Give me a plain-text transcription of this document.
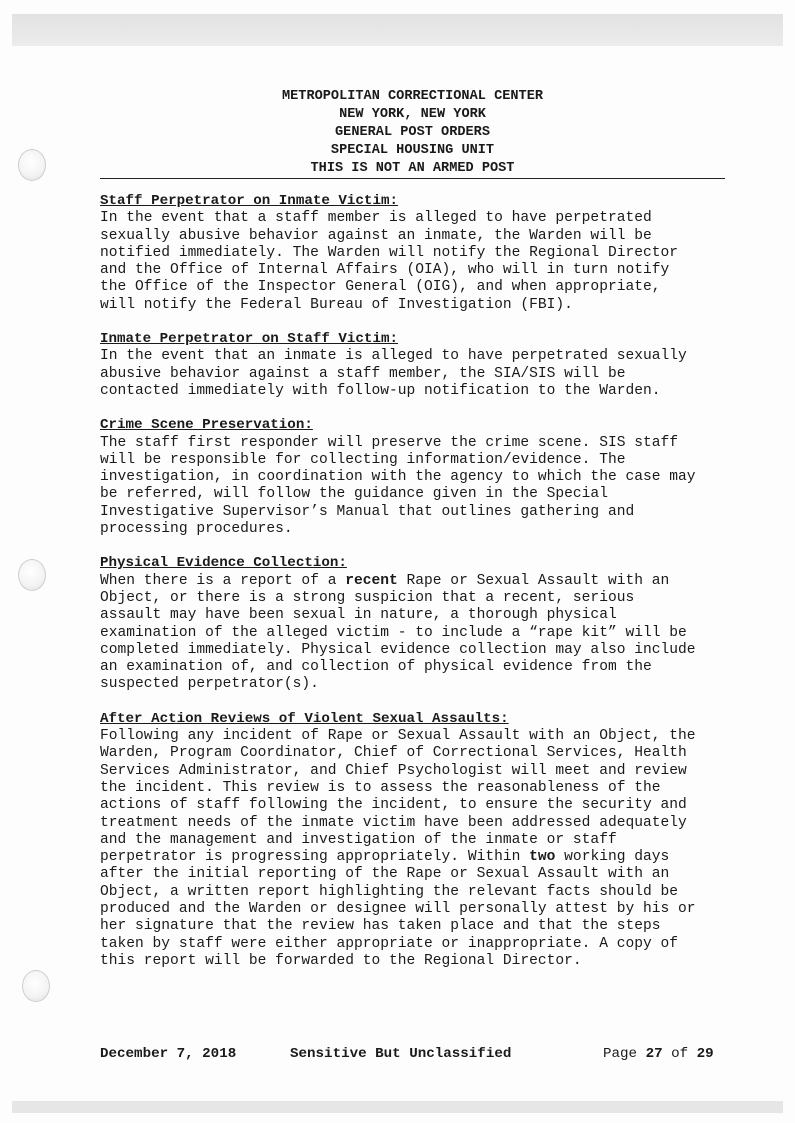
METROPOLITAN CORRECTIONAL CENTER
NEW YORK, NEW YORK
GENERAL POST ORDERS
SPECIAL HOUSING UNIT
THIS IS NOT AN ARMED POST
Staff Perpetrator on Inmate Victim:
In the event that a staff member is alleged to have perpetrated
sexually abusive behavior against an inmate, the Warden will be
notified immediately. The Warden will notify the Regional Director
and the Office of Internal Affairs (OIA), who will in turn notify
the Office of the Inspector General (OIG), and when appropriate,
will notify the Federal Bureau of Investigation (FBI).
Inmate Perpetrator on Staff Victim:
In the event that an inmate is alleged to have perpetrated sexually
abusive behavior against a staff member, the SIA/SIS will be
contacted immediately with follow-up notification to the Warden.
Crime Scene Preservation:
The staff first responder will preserve the crime scene. SIS staff
will be responsible for collecting information/evidence. The
investigation, in coordination with the agency to which the case may
be referred, will follow the guidance given in the Special
Investigative Supervisor’s Manual that outlines gathering and
processing procedures.
Physical Evidence Collection:
When there is a report of a recent Rape or Sexual Assault with an
Object, or there is a strong suspicion that a recent, serious
assault may have been sexual in nature, a thorough physical
examination of the alleged victim - to include a “rape kit” will be
completed immediately. Physical evidence collection may also include
an examination of, and collection of physical evidence from the
suspected perpetrator(s).
After Action Reviews of Violent Sexual Assaults:
Following any incident of Rape or Sexual Assault with an Object, the
Warden, Program Coordinator, Chief of Correctional Services, Health
Services Administrator, and Chief Psychologist will meet and review
the incident. This review is to assess the reasonableness of the
actions of staff following the incident, to ensure the security and
treatment needs of the inmate victim have been addressed adequately
and the management and investigation of the inmate or staff
perpetrator is progressing appropriately. Within two working days
after the initial reporting of the Rape or Sexual Assault with an
Object, a written report highlighting the relevant facts should be
produced and the Warden or designee will personally attest by his or
her signature that the review has taken place and that the steps
taken by staff were either appropriate or inappropriate. A copy of
this report will be forwarded to the Regional Director.
December 7, 2018	Sensitive But Unclassified	Page 27 of 29
